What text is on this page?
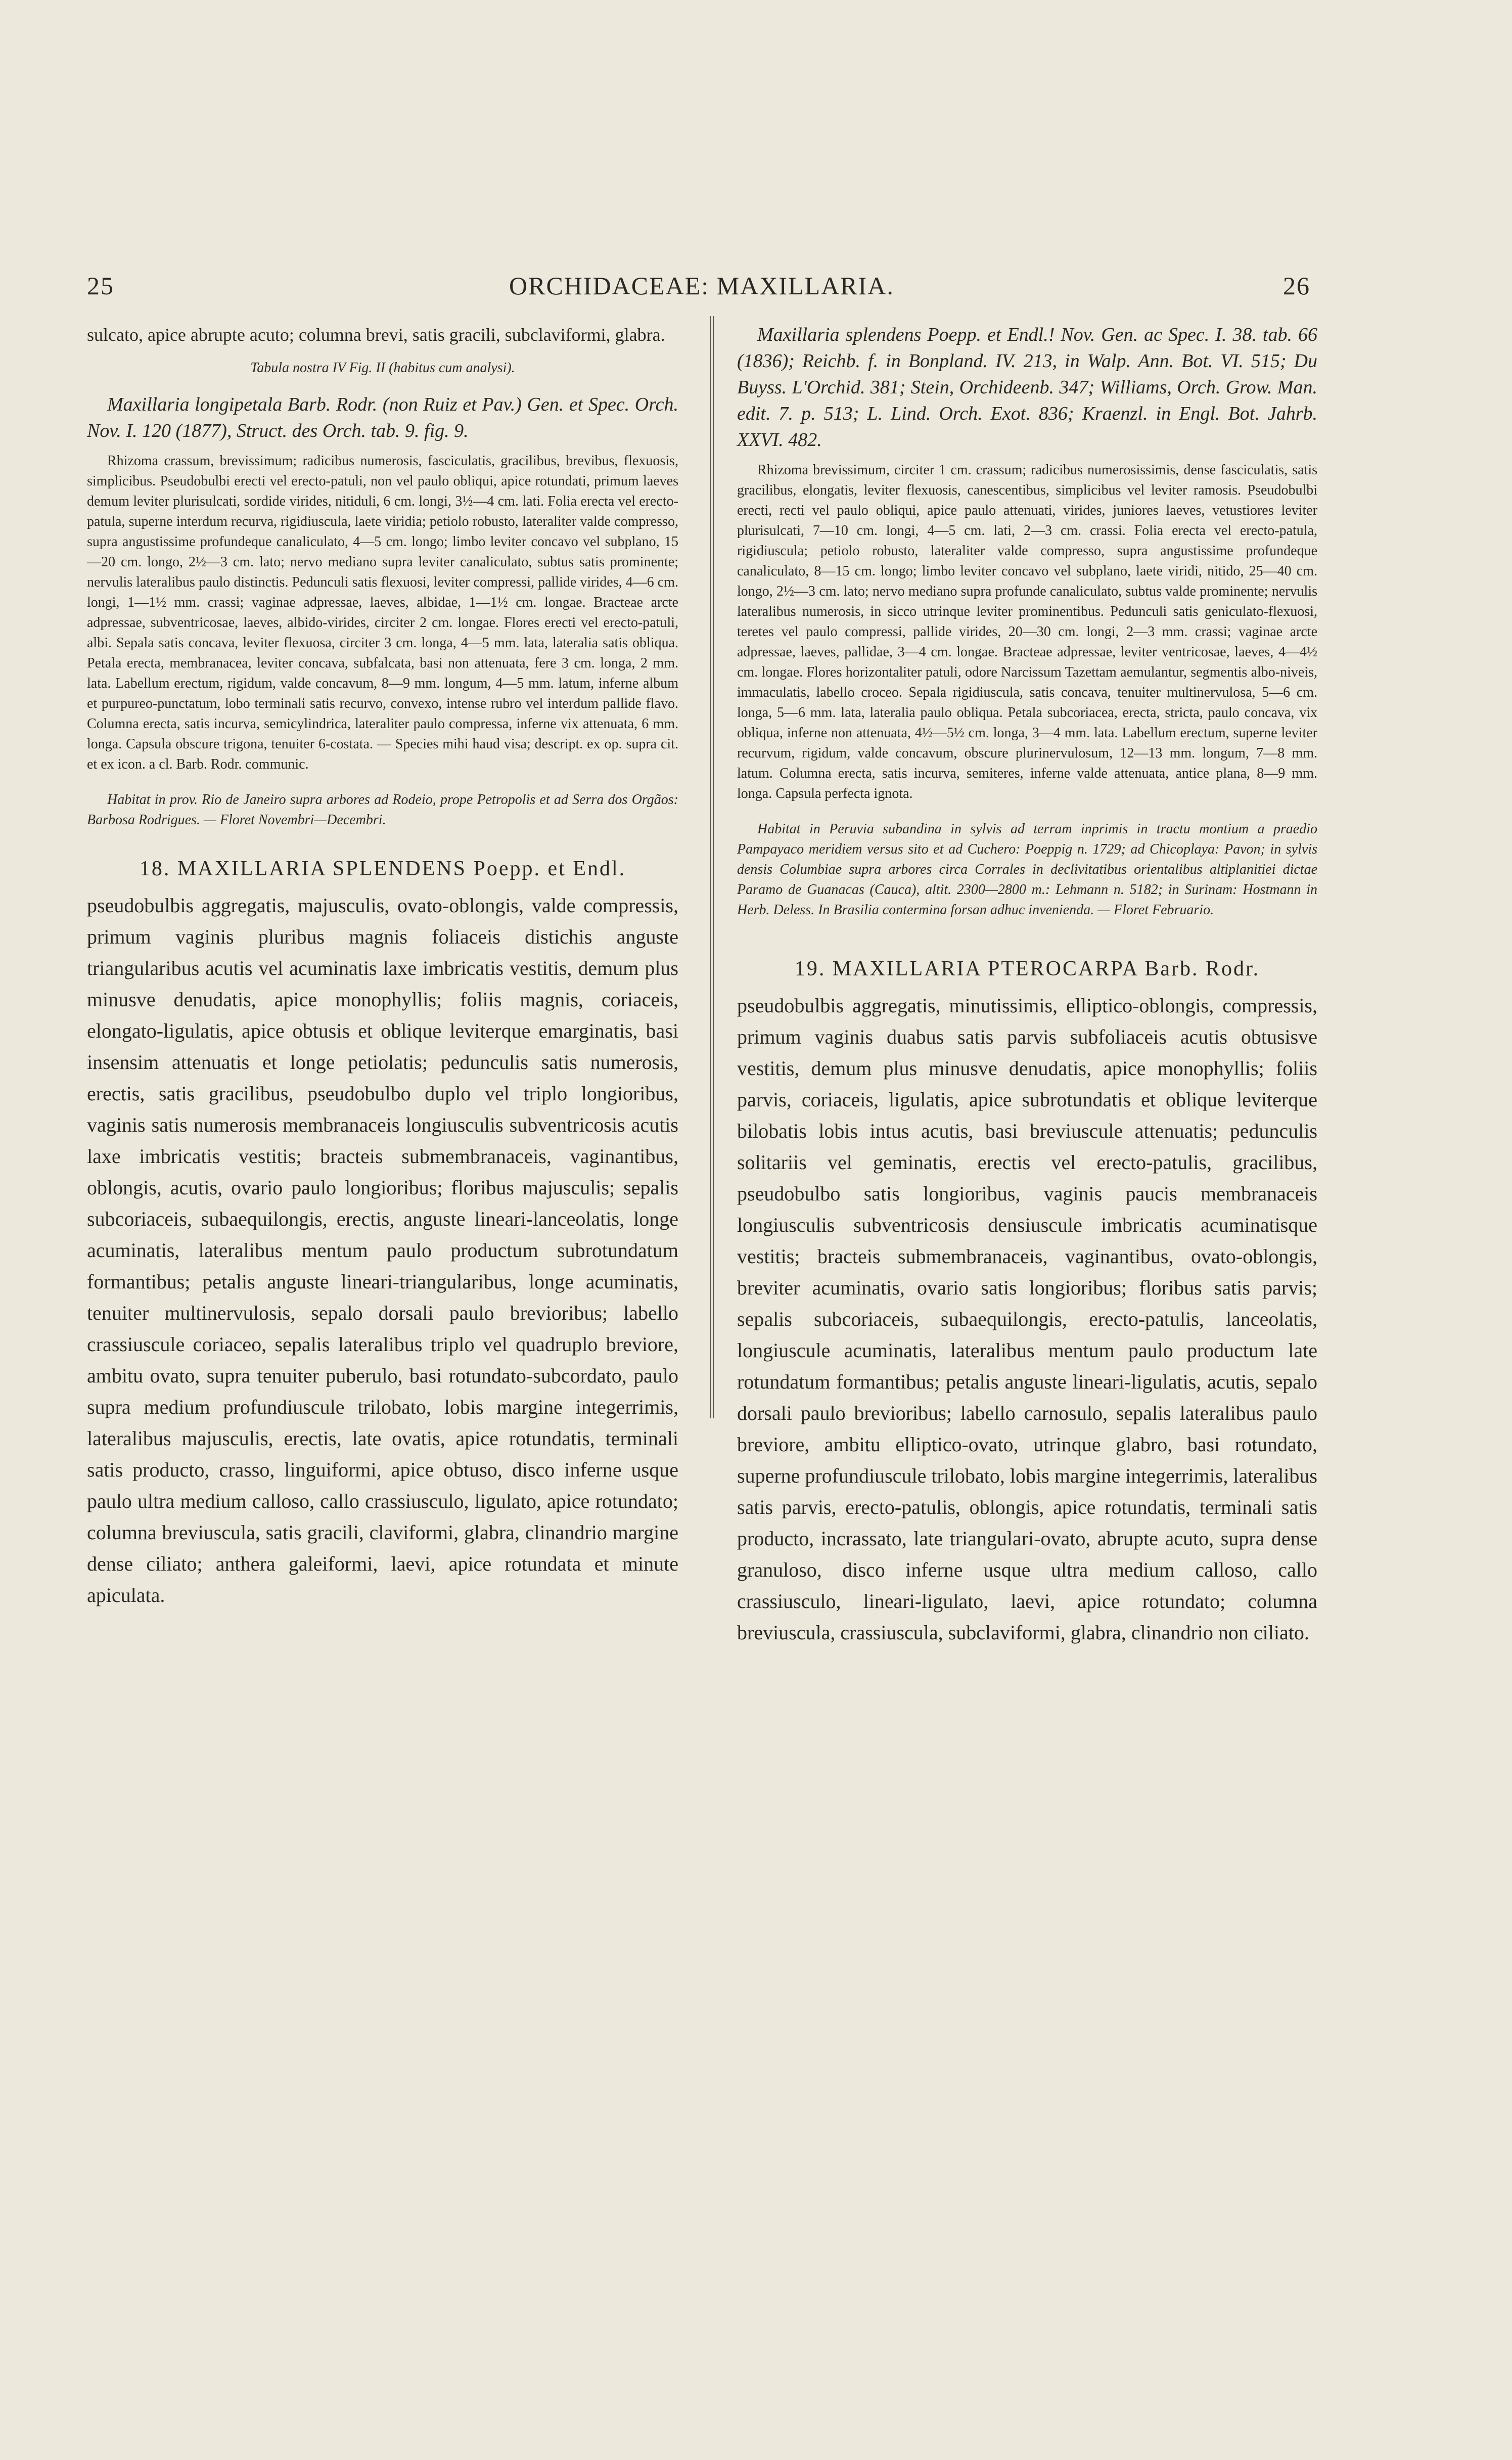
25	ORCHIDACEAE: MAXILLARIA.	26

sulcato, apice abrupte acuto; columna brevi, satis gracili, subclaviformi, glabra.

Tabula nostra IV Fig. II (habitus cum analysi).

Maxillaria longipetala Barb. Rodr. (non Ruiz et Pav.) Gen. et Spec. Orch. Nov. I. 120 (1877), Struct. des Orch. tab. 9. fig. 9.

Rhizoma crassum, brevissimum; radicibus numerosis, fasciculatis, gracilibus, brevibus, flexuosis, simplicibus. Pseudobulbi erecti vel erecto-patuli, non vel paulo obliqui, apice rotundati, primum laeves demum leviter plurisulcati, sordide virides, nitiduli, 6 cm. longi, 3½—4 cm. lati. Folia erecta vel erecto-patula, superne interdum recurva, rigidiuscula, laete viridia; petiolo robusto, lateraliter valde compresso, supra angustissime profundeque canaliculato, 4—5 cm. longo; limbo leviter concavo vel subplano, 15—20 cm. longo, 2½—3 cm. lato; nervo mediano supra leviter canaliculato, subtus satis prominente; nervulis lateralibus paulo distinctis. Pedunculi satis flexuosi, leviter compressi, pallide virides, 4—6 cm. longi, 1—1½ mm. crassi; vaginae adpressae, laeves, albidae, 1—1½ cm. longae. Bracteae arcte adpressae, subventricosae, laeves, albido-virides, circiter 2 cm. longae. Flores erecti vel erecto-patuli, albi. Sepala satis concava, leviter flexuosa, circiter 3 cm. longa, 4—5 mm. lata, lateralia satis obliqua. Petala erecta, membranacea, leviter concava, subfalcata, basi non attenuata, fere 3 cm. longa, 2 mm. lata. Labellum erectum, rigidum, valde concavum, 8—9 mm. longum, 4—5 mm. latum, inferne album et purpureo-punctatum, lobo terminali satis recurvo, convexo, intense rubro vel interdum pallide flavo. Columna erecta, satis incurva, semicylindrica, lateraliter paulo compressa, inferne vix attenuata, 6 mm. longa. Capsula obscure trigona, tenuiter 6-costata. — Species mihi haud visa; descript. ex op. supra cit. et ex icon. a cl. Barb. Rodr. communic.

Habitat in prov. Rio de Janeiro supra arbores ad Rodeio, prope Petropolis et ad Serra dos Orgãos: Barbosa Rodrigues. — Floret Novembri—Decembri.

18. MAXILLARIA SPLENDENS Poepp. et Endl.

pseudobulbis aggregatis, majusculis, ovato-oblongis, valde compressis, primum vaginis pluribus magnis foliaceis distichis anguste triangularibus acutis vel acuminatis laxe imbricatis vestitis, demum plus minusve denudatis, apice monophyllis; foliis magnis, coriaceis, elongato-ligulatis, apice obtusis et oblique leviterque emarginatis, basi insensim attenuatis et longe petiolatis; pedunculis satis numerosis, erectis, satis gracilibus, pseudobulbo duplo vel triplo longioribus, vaginis satis numerosis membranaceis longiusculis subventricosis acutis laxe imbricatis vestitis; bracteis submembranaceis, vaginantibus, oblongis, acutis, ovario paulo longioribus; floribus majusculis; sepalis subcoriaceis, subaequilongis, erectis, anguste lineari-lanceolatis, longe acuminatis, lateralibus mentum paulo productum subrotundatum formantibus; petalis anguste lineari-triangularibus, longe acuminatis, tenuiter multinervulosis, sepalo dorsali paulo brevioribus; labello crassiuscule coriaceo, sepalis lateralibus triplo vel quadruplo breviore, ambitu ovato, supra tenuiter puberulo, basi rotundato-subcordato, paulo supra medium profundiuscule trilobato, lobis margine integerrimis, lateralibus majusculis, erectis, late ovatis, apice rotundatis, terminali satis producto, crasso, linguiformi, apice obtuso, disco inferne usque paulo ultra medium calloso, callo crassiusculo, ligulato, apice rotundato; columna breviuscula, satis gracili, claviformi, glabra, clinandrio margine dense ciliato; anthera galeiformi, laevi, apice rotundata et minute apiculata.

Maxillaria splendens Poepp. et Endl.! Nov. Gen. ac Spec. I. 38. tab. 66 (1836); Reichb. f. in Bonpland. IV. 213, in Walp. Ann. Bot. VI. 515; Du Buyss. L'Orchid. 381; Stein, Orchideenb. 347; Williams, Orch. Grow. Man. edit. 7. p. 513; L. Lind. Orch. Exot. 836; Kraenzl. in Engl. Bot. Jahrb. XXVI. 482.

Rhizoma brevissimum, circiter 1 cm. crassum; radicibus numerosissimis, dense fasciculatis, satis gracilibus, elongatis, leviter flexuosis, canescentibus, simplicibus vel leviter ramosis. Pseudobulbi erecti, recti vel paulo obliqui, apice paulo attenuati, virides, juniores laeves, vetustiores leviter plurisulcati, 7—10 cm. longi, 4—5 cm. lati, 2—3 cm. crassi. Folia erecta vel erecto-patula, rigidiuscula; petiolo robusto, lateraliter valde compresso, supra angustissime profundeque canaliculato, 8—15 cm. longo; limbo leviter concavo vel subplano, laete viridi, nitido, 25—40 cm. longo, 2½—3 cm. lato; nervo mediano supra profunde canaliculato, subtus valde prominente; nervulis lateralibus numerosis, in sicco utrinque leviter prominentibus. Pedunculi satis geniculato-flexuosi, teretes vel paulo compressi, pallide virides, 20—30 cm. longi, 2—3 mm. crassi; vaginae arcte adpressae, laeves, pallidae, 3—4 cm. longae. Bracteae adpressae, leviter ventricosae, laeves, 4—4½ cm. longae. Flores horizontaliter patuli, odore Narcissum Tazettam aemulantur, segmentis albo-niveis, immaculatis, labello croceo. Sepala rigidiuscula, satis concava, tenuiter multinervulosa, 5—6 cm. longa, 5—6 mm. lata, lateralia paulo obliqua. Petala subcoriacea, erecta, stricta, paulo concava, vix obliqua, inferne non attenuata, 4½—5½ cm. longa, 3—4 mm. lata. Labellum erectum, superne leviter recurvum, rigidum, valde concavum, obscure plurinervulosum, 12—13 mm. longum, 7—8 mm. latum. Columna erecta, satis incurva, semiteres, inferne valde attenuata, antice plana, 8—9 mm. longa. Capsula perfecta ignota.

Habitat in Peruvia subandina in sylvis ad terram inprimis in tractu montium a praedio Pampayaco meridiem versus sito et ad Cuchero: Poeppig n. 1729; ad Chicoplaya: Pavon; in sylvis densis Columbiae supra arbores circa Corrales in declivitatibus orientalibus altiplanitiei dictae Paramo de Guanacas (Cauca), altit. 2300—2800 m.: Lehmann n. 5182; in Surinam: Hostmann in Herb. Deless. In Brasilia contermina forsan adhuc invenienda. — Floret Februario.

19. MAXILLARIA PTEROCARPA Barb. Rodr.

pseudobulbis aggregatis, minutissimis, elliptico-oblongis, compressis, primum vaginis duabus satis parvis subfoliaceis acutis obtusisve vestitis, demum plus minusve denudatis, apice monophyllis; foliis parvis, coriaceis, ligulatis, apice subrotundatis et oblique leviterque bilobatis lobis intus acutis, basi breviuscule attenuatis; pedunculis solitariis vel geminatis, erectis vel erecto-patulis, gracilibus, pseudobulbo satis longioribus, vaginis paucis membranaceis longiusculis subventricosis densiuscule imbricatis acuminatisque vestitis; bracteis submembranaceis, vaginantibus, ovato-oblongis, breviter acuminatis, ovario satis longioribus; floribus satis parvis; sepalis subcoriaceis, subaequilongis, erecto-patulis, lanceolatis, longiuscule acuminatis, lateralibus mentum paulo productum late rotundatum formantibus; petalis anguste lineari-ligulatis, acutis, sepalo dorsali paulo brevioribus; labello carnosulo, sepalis lateralibus paulo breviore, ambitu elliptico-ovato, utrinque glabro, basi rotundato, superne profundiuscule trilobato, lobis margine integerrimis, lateralibus satis parvis, erecto-patulis, oblongis, apice rotundatis, terminali satis producto, incrassato, late triangulari-ovato, abrupte acuto, supra dense granuloso, disco inferne usque ultra medium calloso, callo crassiusculo, lineari-ligulato, laevi, apice rotundato; columna breviuscula, crassiuscula, subclaviformi, glabra, clinandrio non ciliato.
